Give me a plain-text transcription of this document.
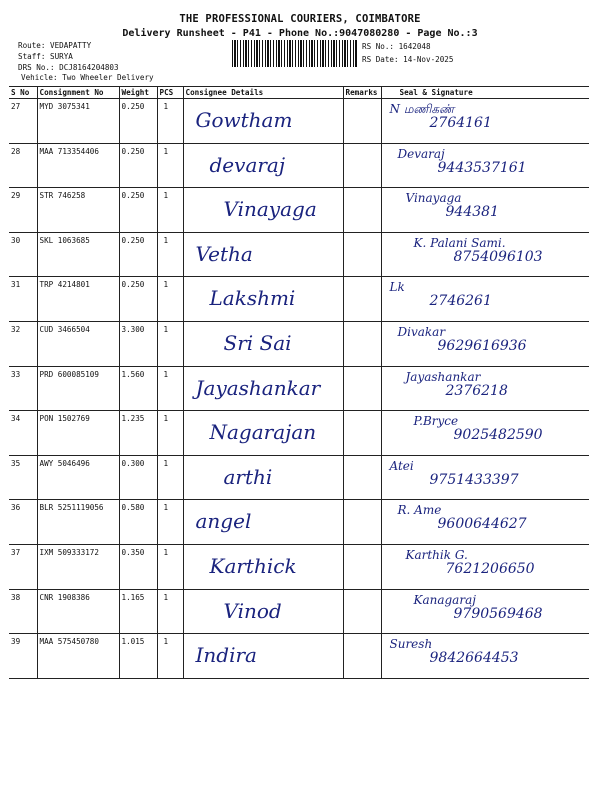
THE PROFESSIONAL COURIERS, COIMBATORE
Delivery Runsheet - P41 - Phone No.:9047080280 - Page No.:3
Route: VEDAPATTY
Staff: SURYA
DRS No.: DCJ8164204803
Vehicle: Two Wheeler Delivery
RS No.: 1642048
RS Date: 14-Nov-2025
S No	Consignment No	Weight	PCS	Consignee Details	Remarks	Seal & Signature
27	MYD 3075341	0.250	1	Gowtham		N மணிகண்
2764161
28	MAA 713354406	0.250	1	devaraj		Devaraj
9443537161
29	STR 746258	0.250	1	Vinayaga		Vinayaga
944381
30	SKL 1063685	0.250	1	Vetha		K. Palani Sami.
8754096103
31	TRP 4214801	0.250	1	Lakshmi		Lk
2746261
32	CUD 3466504	3.300	1	Sri Sai		Divakar
9629616936
33	PRD 600085109	1.560	1	Jayashankar		Jayashankar
2376218
34	PON 1502769	1.235	1	Nagarajan		P.Bryce
9025482590
35	AWY 5046496	0.300	1	arthi		Atei
9751433397
36	BLR 5251119056	0.580	1	angel		R. Ame
9600644627
37	IXM 509333172	0.350	1	Karthick		Karthik G.
7621206650
38	CNR 1908386	1.165	1	Vinod		Kanagaraj
9790569468
39	MAA 575450780	1.015	1	Indira		Suresh
9842664453
